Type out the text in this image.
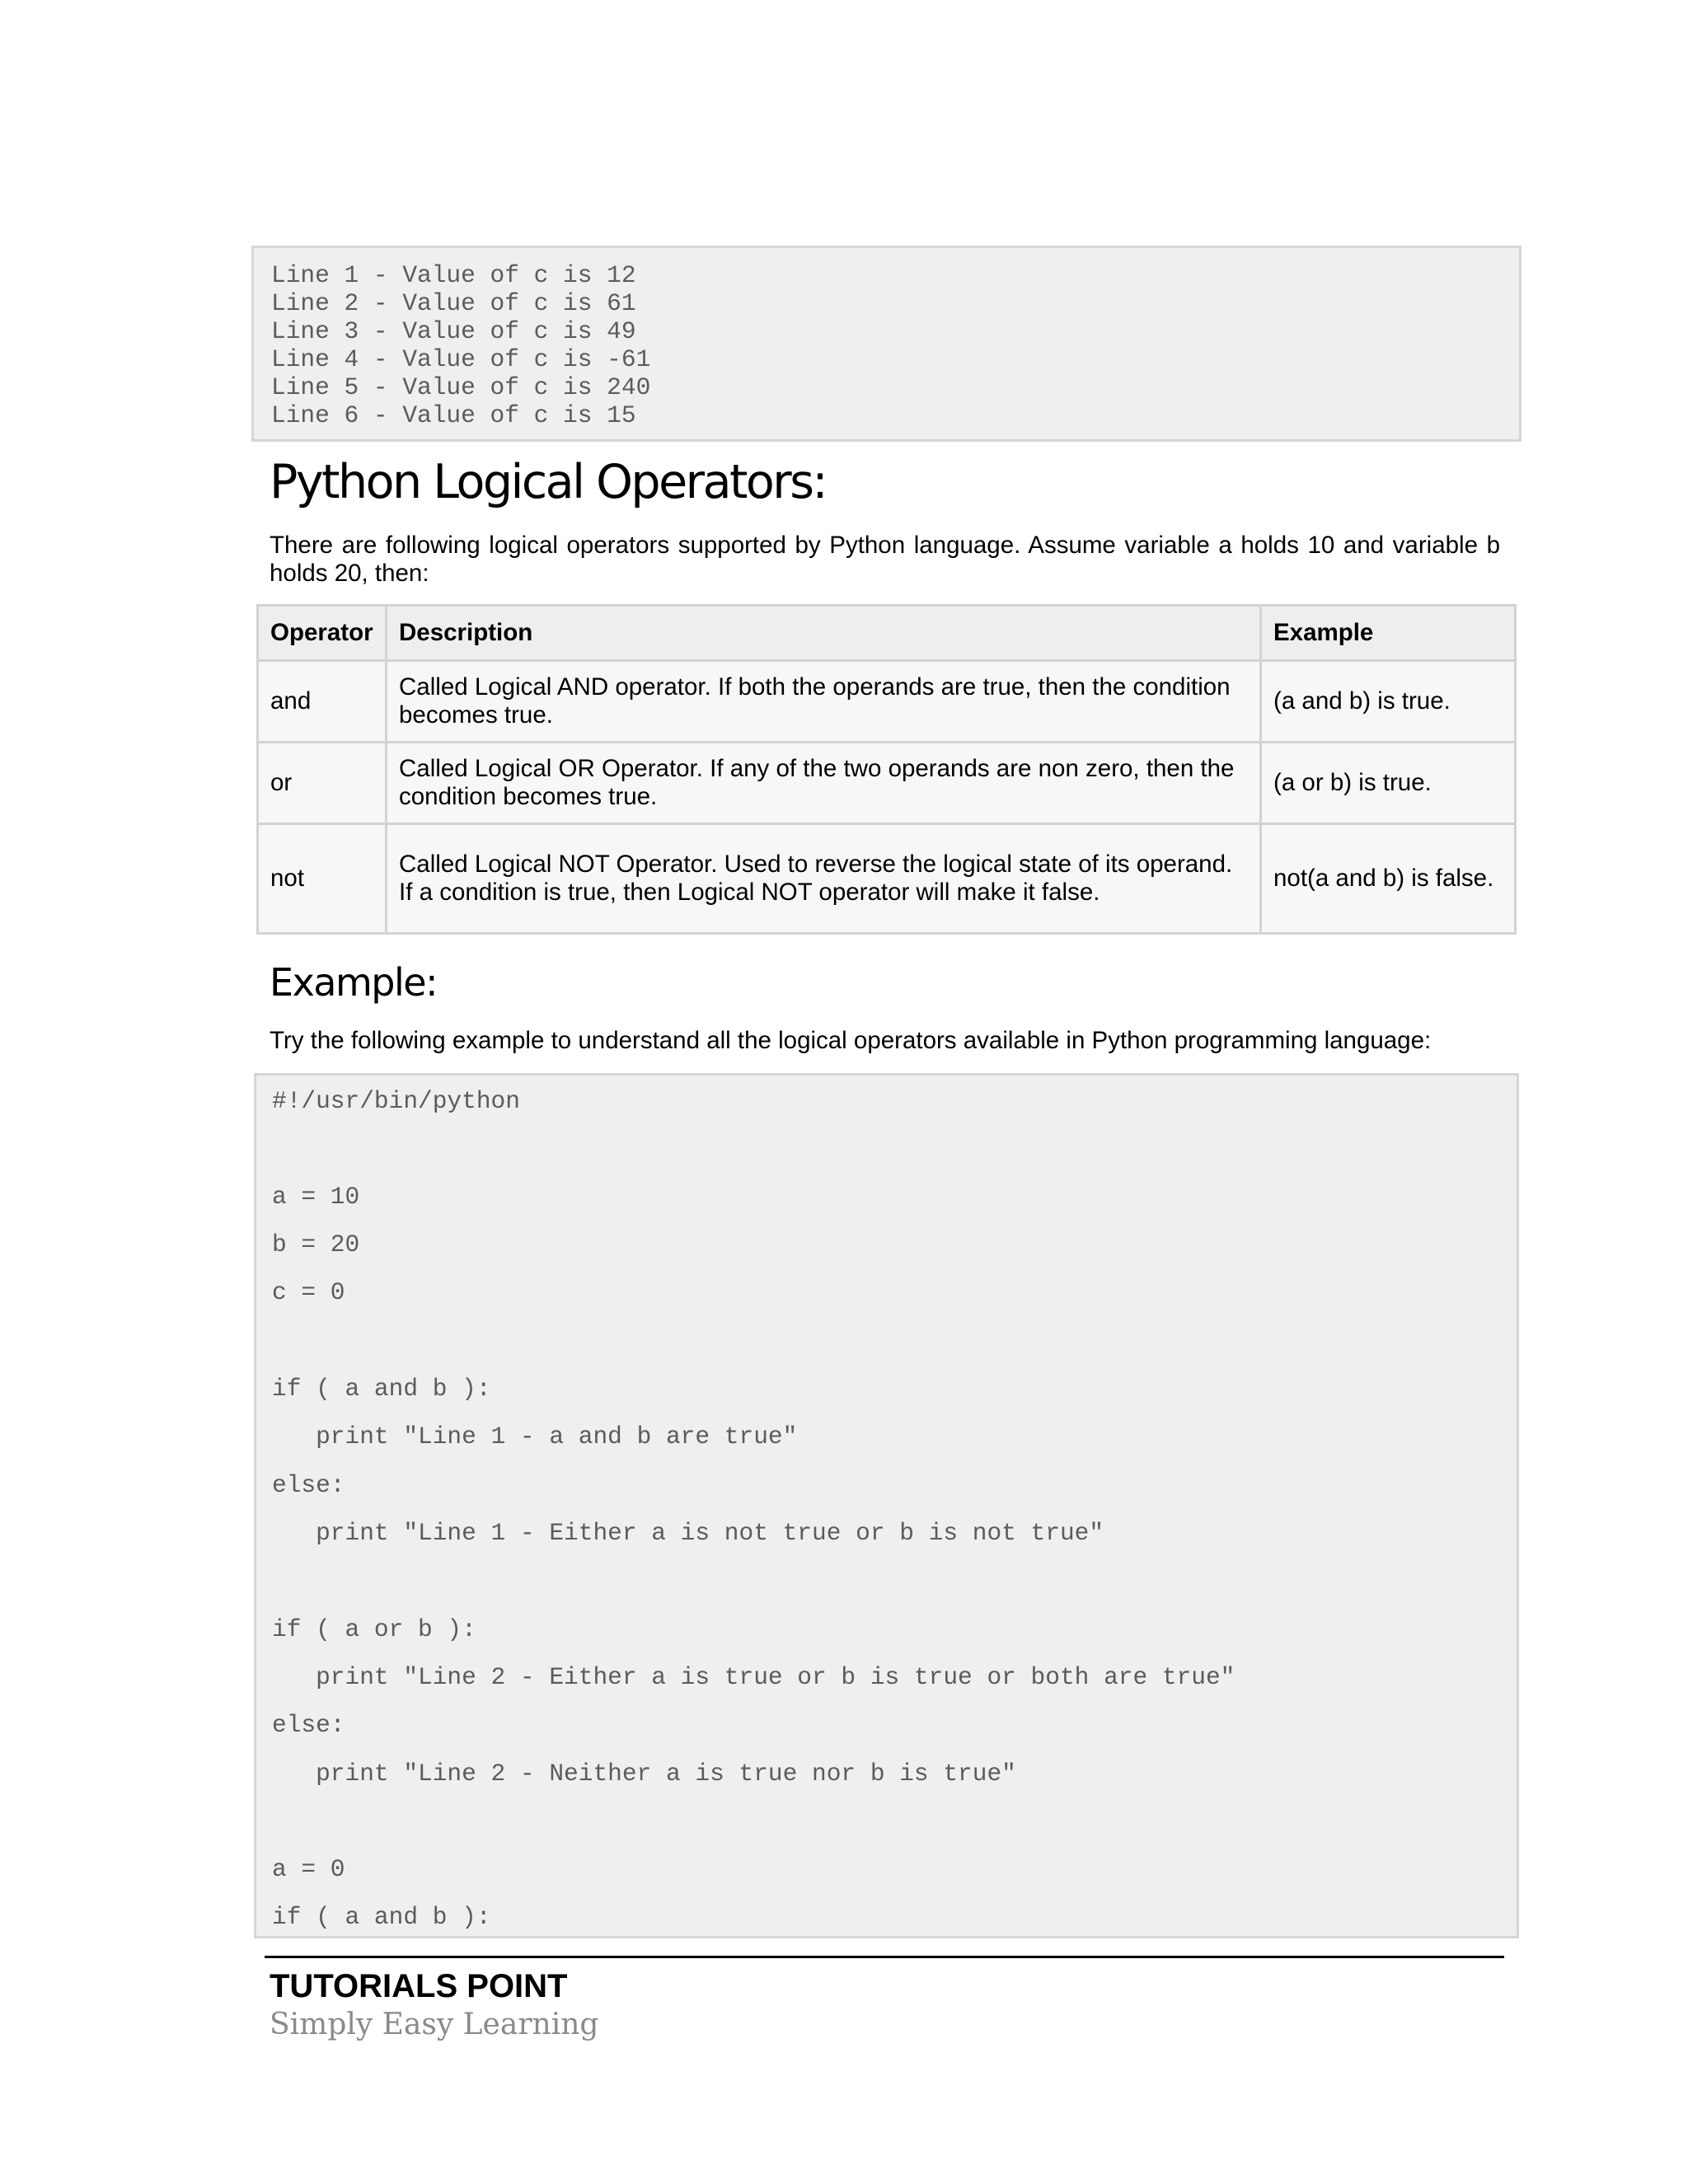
Line 1 - Value of c is 12
Line 2 - Value of c is 61
Line 3 - Value of c is 49
Line 4 - Value of c is -61
Line 5 - Value of c is 240
Line 6 - Value of c is 15
Python Logical Operators:
There are following logical operators supported by Python language. Assume variable a holds 10 and variable b holds 20, then:
Operator	Description	Example
and	Called Logical AND operator. If both the operands are true, then the condition becomes true.	(a and b) is true.
or	Called Logical OR Operator. If any of the two operands are non zero, then the condition becomes true.	(a or b) is true.
not	Called Logical NOT Operator. Used to reverse the logical state of its operand. If a condition is true, then Logical NOT operator will make it false.	not(a and b) is false.
Example:
Try the following example to understand all the logical operators available in Python programming language:
#!/usr/bin/python
a = 10
b = 20
c = 0
if ( a and b ):
print "Line 1 - a and b are true"
else:
print "Line 1 - Either a is not true or b is not true"
if ( a or b ):
print "Line 2 - Either a is true or b is true or both are true"
else:
print "Line 2 - Neither a is true nor b is true"
a = 0
if ( a and b ):
TUTORIALS POINT
Simply Easy Learning
